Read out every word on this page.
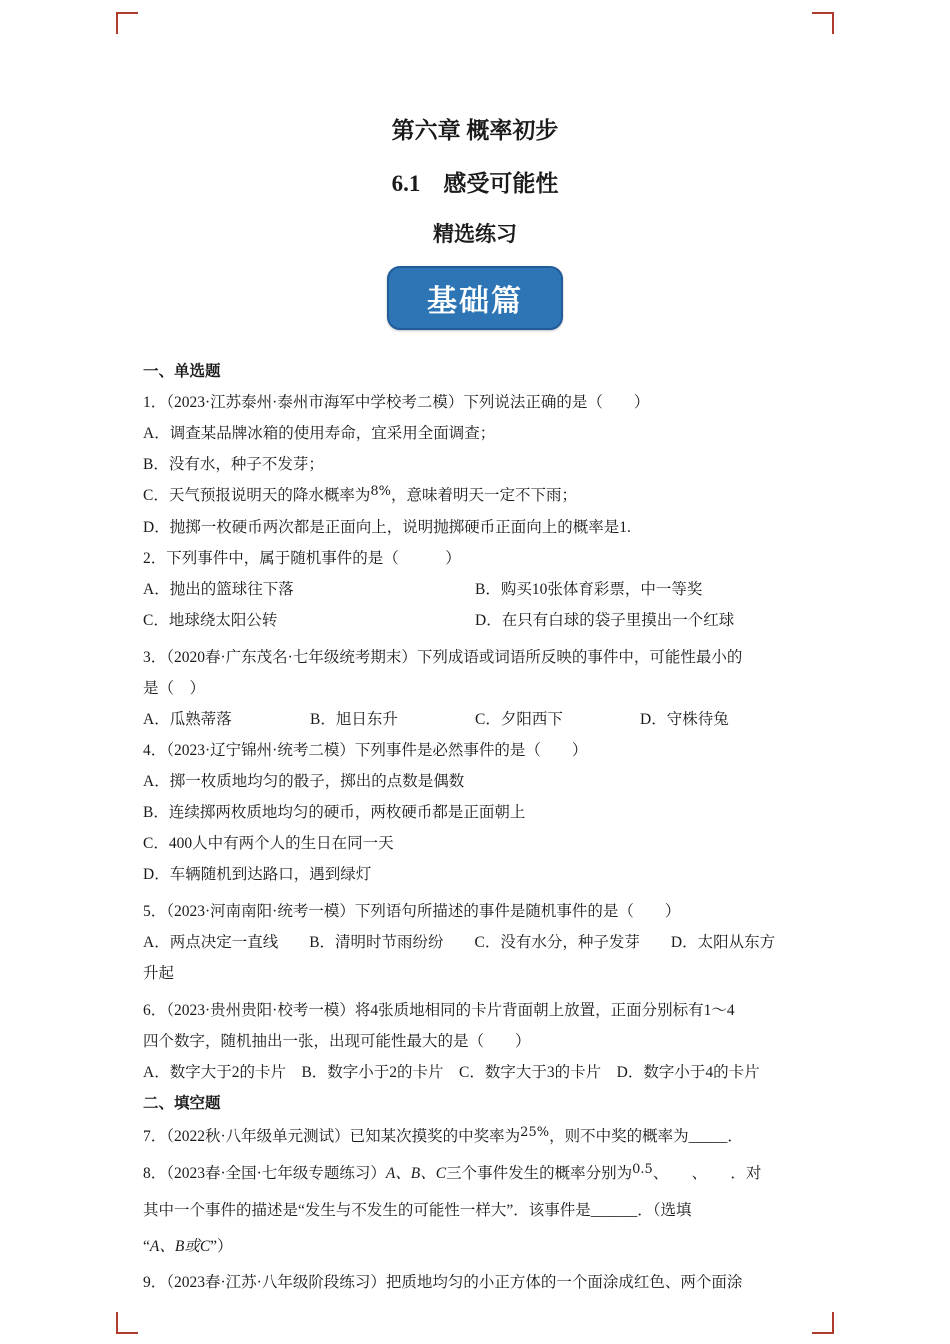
第六章 概率初步
6.1　感受可能性
精选练习
基础篇

一、单选题

1．（2023·江苏泰州·泰州市海军中学校考二模）下列说法正确的是（　　）

A．调查某品牌冰箱的使用寿命，宜采用全面调查；

B．没有水，种子不发芽；

C．天气预报说明天的降水概率为$^{8\%}$，意味着明天一定不下雨；

D．抛掷一枚硬币两次都是正面向上，说明抛掷硬币正面向上的概率是1.

2．下列事件中，属于随机事件的是（　　　）

A．抛出的篮球往下落	B．购买10张体育彩票，中一等奖

C．地球绕太阳公转	D．在只有白球的袋子里摸出一个红球

3．（2020春·广东茂名·七年级统考期末）下列成语或词语所反映的事件中，可能性最小的

是（　）

A．瓜熟蒂落	B．旭日东升	C．夕阳西下	D．守株待兔

4．（2023·辽宁锦州·统考二模）下列事件是必然事件的是（　　）

A．掷一枚质地均匀的骰子，掷出的点数是偶数

B．连续掷两枚质地均匀的硬币，两枚硬币都是正面朝上

C．400人中有两个人的生日在同一天

D．车辆随机到达路口，遇到绿灯

5．（2023·河南南阳·统考一模）下列语句所描述的事件是随机事件的是（　　）

A．两点决定一直线　　B．清明时节雨纷纷　　C．没有水分，种子发芽　　D．太阳从东方

升起

6．（2023·贵州贵阳·校考一模）将4张质地相同的卡片背面朝上放置，正面分别标有1～4

四个数字，随机抽出一张，出现可能性最大的是（　　）

A．数字大于2的卡片　B．数字小于2的卡片　C．数字大于3的卡片　D．数字小于4的卡片

二、填空题

7．（2022秋·八年级单元测试）已知某次摸奖的中奖率为$^{25\%}$，则不中奖的概率为_____．

8．（2023春·全国·七年级专题练习）A、B、C三个事件发生的概率分别为$^{0.5}$、　　、　　．对

其中一个事件的描述是“发生与不发生的可能性一样大”．该事件是______．（选填

“A、B或C”）

9．（2023春·江苏·八年级阶段练习）把质地均匀的小正方体的一个面涂成红色、两个面涂
